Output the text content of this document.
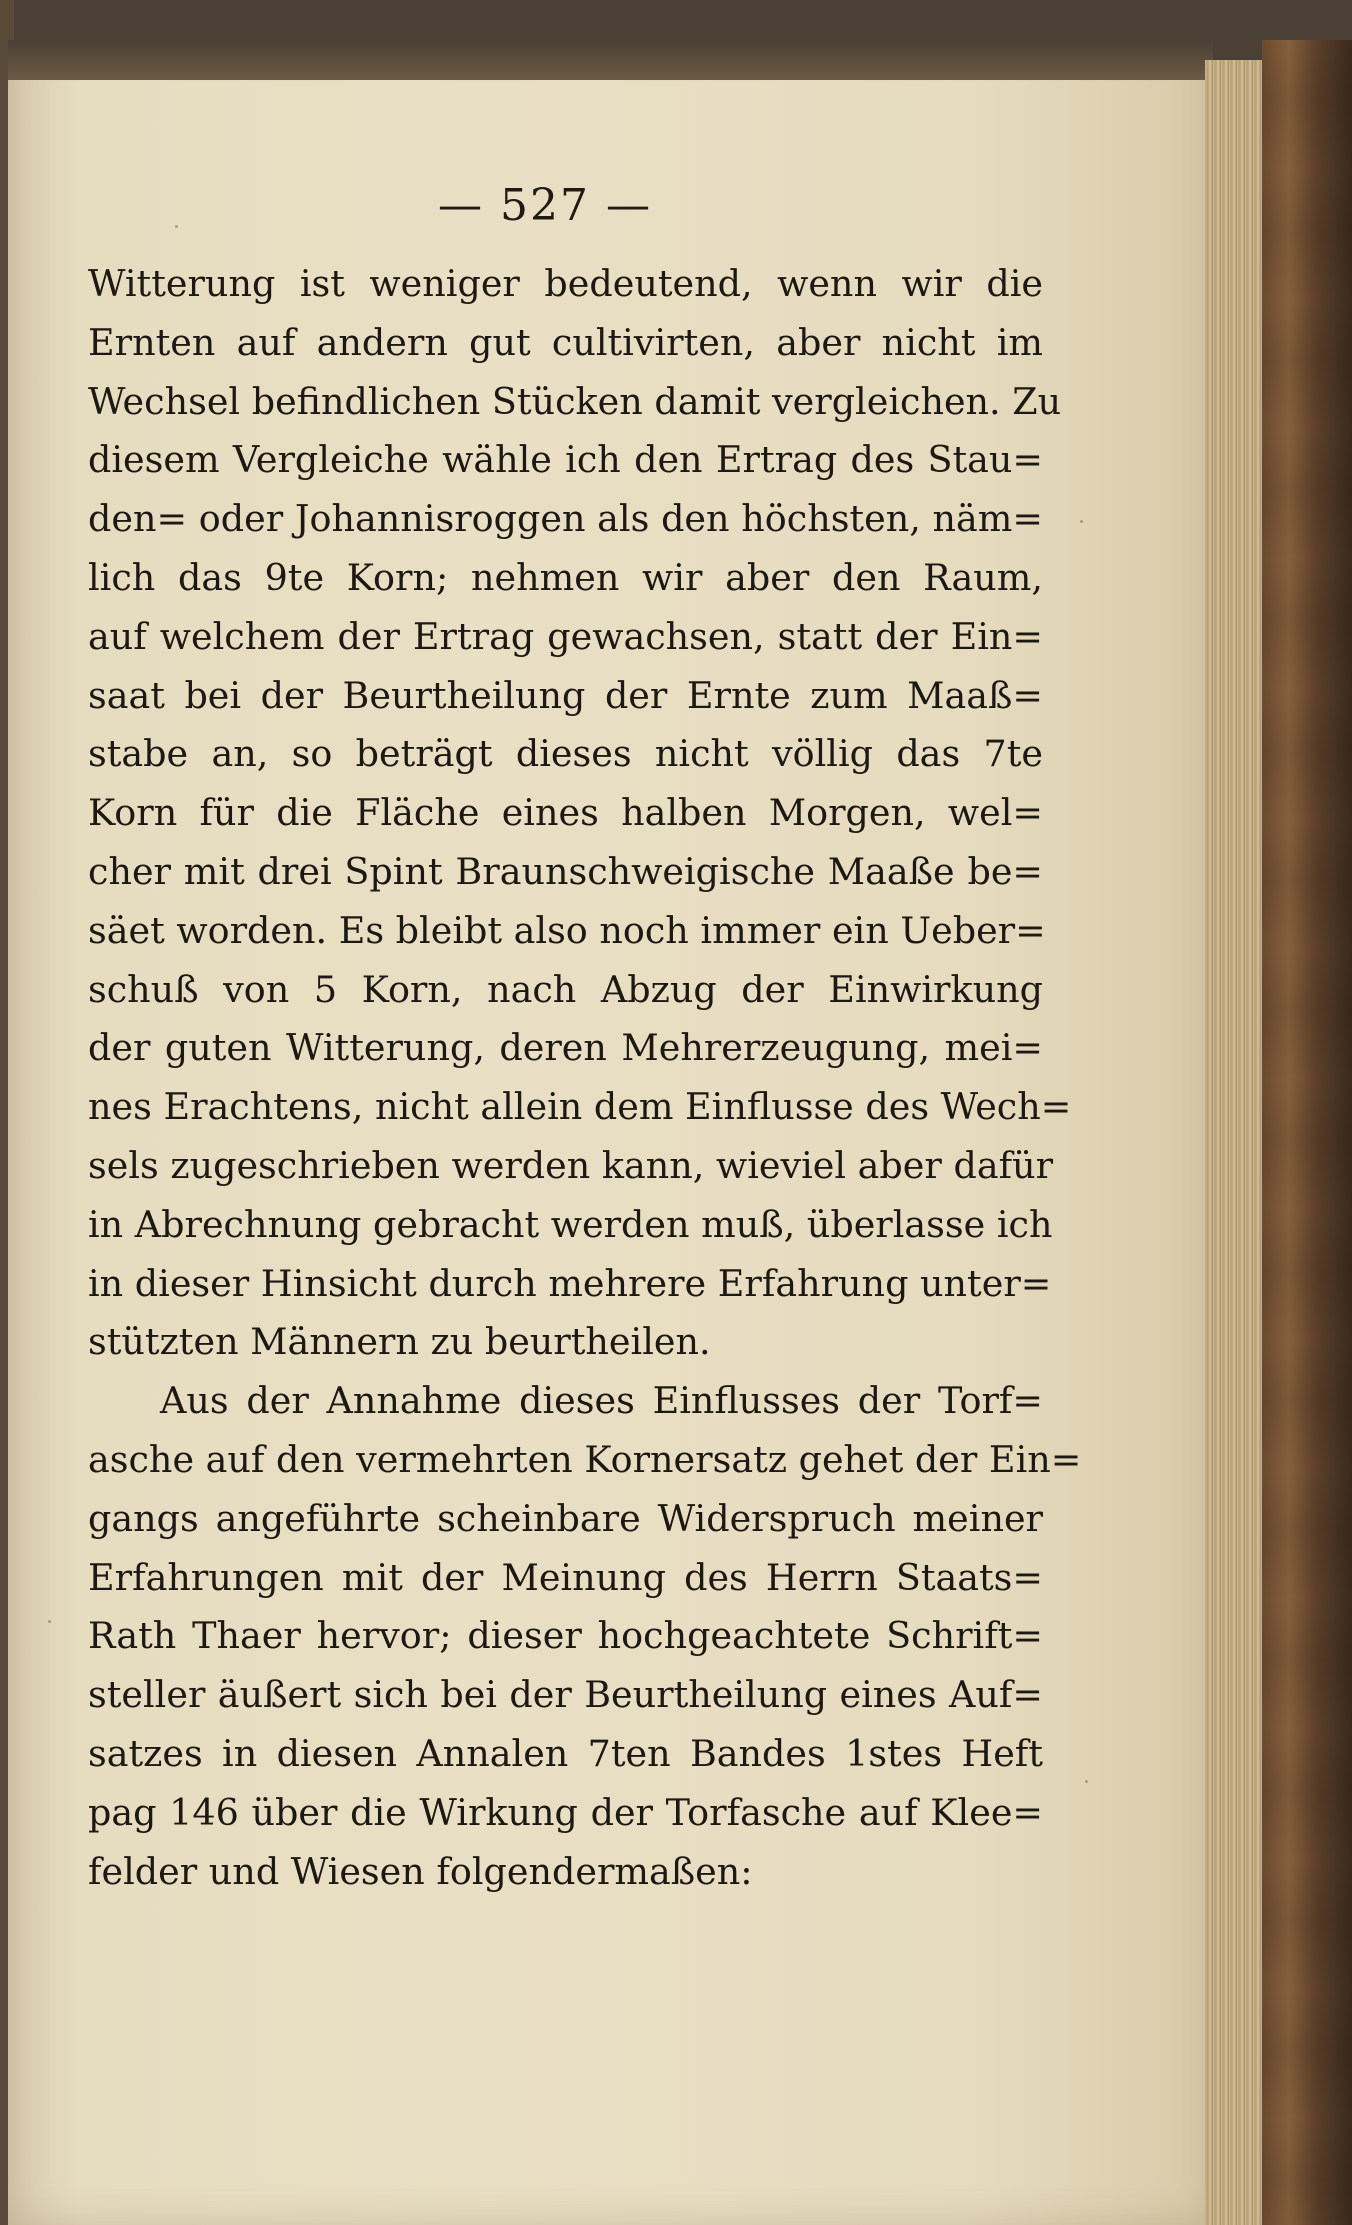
— 527 —
Witterung ist weniger bedeutend, wenn wir die
Ernten auf andern gut cultivirten, aber nicht im
Wechsel befindlichen Stücken damit vergleichen. Zu
diesem Vergleiche wähle ich den Ertrag des Stau=
den= oder Johannisroggen als den höchsten, näm=
lich das 9te Korn; nehmen wir aber den Raum,
auf welchem der Ertrag gewachsen, statt der Ein=
saat bei der Beurtheilung der Ernte zum Maaß=
stabe an, so beträgt dieses nicht völlig das 7te
Korn für die Fläche eines halben Morgen, wel=
cher mit drei Spint Braunschweigische Maaße be=
säet worden. Es bleibt also noch immer ein Ueber=
schuß von 5 Korn, nach Abzug der Einwirkung
der guten Witterung, deren Mehrerzeugung, mei=
nes Erachtens, nicht allein dem Einflusse des Wech=
sels zugeschrieben werden kann, wieviel aber dafür
in Abrechnung gebracht werden muß, überlasse ich
in dieser Hinsicht durch mehrere Erfahrung unter=
stützten Männern zu beurtheilen.
Aus der Annahme dieses Einflusses der Torf=
asche auf den vermehrten Kornersatz gehet der Ein=
gangs angeführte scheinbare Widerspruch meiner
Erfahrungen mit der Meinung des Herrn Staats=
Rath Thaer hervor; dieser hochgeachtete Schrift=
steller äußert sich bei der Beurtheilung eines Auf=
satzes in diesen Annalen 7ten Bandes 1stes Heft
pag 146 über die Wirkung der Torfasche auf Klee=
felder und Wiesen folgendermaßen:
